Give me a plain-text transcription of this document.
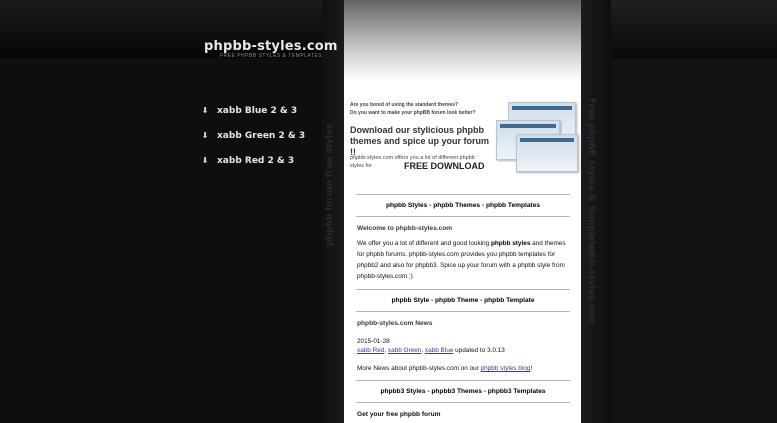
phpbb-styles.com
FREE PHPBB STYLES & TEMPLATES
⬇ xabb Blue 2 & 3
⬇ xabb Green 2 & 3
⬇ xabb Red 2 & 3	phpbb forum free styles	Free phpBB Styles & Templates
phpbb-styles.com
Are you bored of using the standard themes?
Do you want to make your phpBB forum look better?
Download our stylicious phpbb themes and spice up your forum !!
phpbb-styles.com offers you a lot of different phpbb styles for	FREE DOWNLOAD
phpbb Styles - phpbb Themes - phpbb Templates
Welcome to phpbb-styles.com

We offer you a lot of different and good looking phpbb styles and themes for phpbb forums. phpbb-styles.com provides you phpbb templates for phpbb2 and also for phpbb3. Spice up your forum with a phpbb style from phpbb-styles.com :)

phpbb Style - phpbb Theme - phpbb Template
phpbb-styles.com News

2015-01-28

xabb Red, xabb Green, xabb Blue updated to 3.0.13

More News about phpbb-styles.com on our phpbb styles blog!

phpbb3 Styles - phpbb3 Themes - phpbb3 Templates
Get your free phpbb forum
